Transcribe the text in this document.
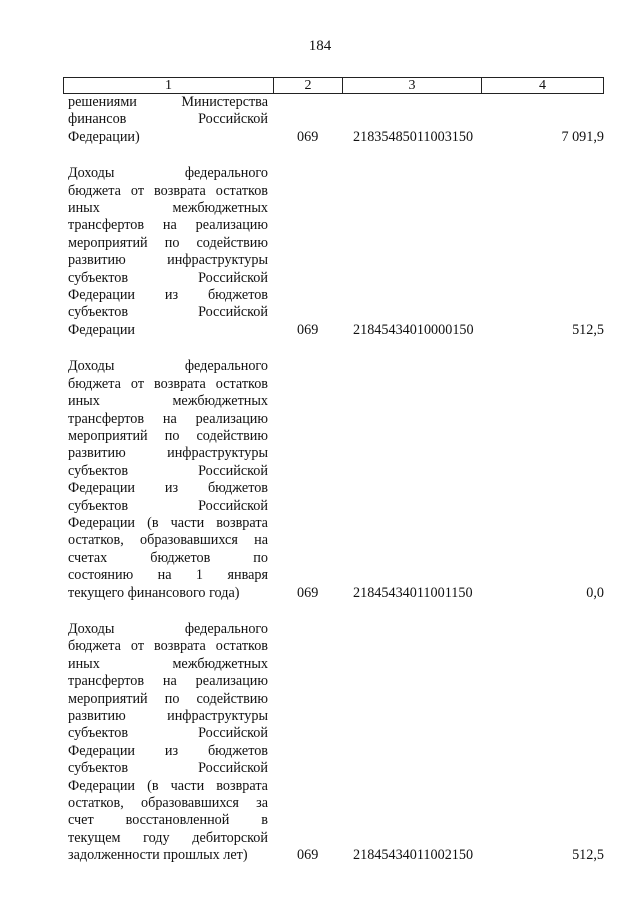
184
1	2	3	4
решениями Министерства
финансов Российской
Федерации)	069 21835485011003150	7 091,9
Доходы федерального
бюджета от возврата остатков
иных межбюджетных
трансфертов на реализацию
мероприятий по содействию
развитию инфраструктуры
субъектов Российской
Федерации из бюджетов
субъектов Российской
Федерации	069 21845434010000150	512,5
Доходы федерального
бюджета от возврата остатков
иных межбюджетных
трансфертов на реализацию
мероприятий по содействию
развитию инфраструктуры
субъектов Российской
Федерации из бюджетов
субъектов Российской
Федерации (в части возврата
остатков, образовавшихся на
счетах бюджетов по
состоянию на 1 января
текущего финансового года)	069 21845434011001150	0,0
Доходы федерального
бюджета от возврата остатков
иных межбюджетных
трансфертов на реализацию
мероприятий по содействию
развитию инфраструктуры
субъектов Российской
Федерации из бюджетов
субъектов Российской
Федерации (в части возврата
остатков, образовавшихся за
счет восстановленной в
текущем году дебиторской
задолженности прошлых лет)	069 21845434011002150	512,5
